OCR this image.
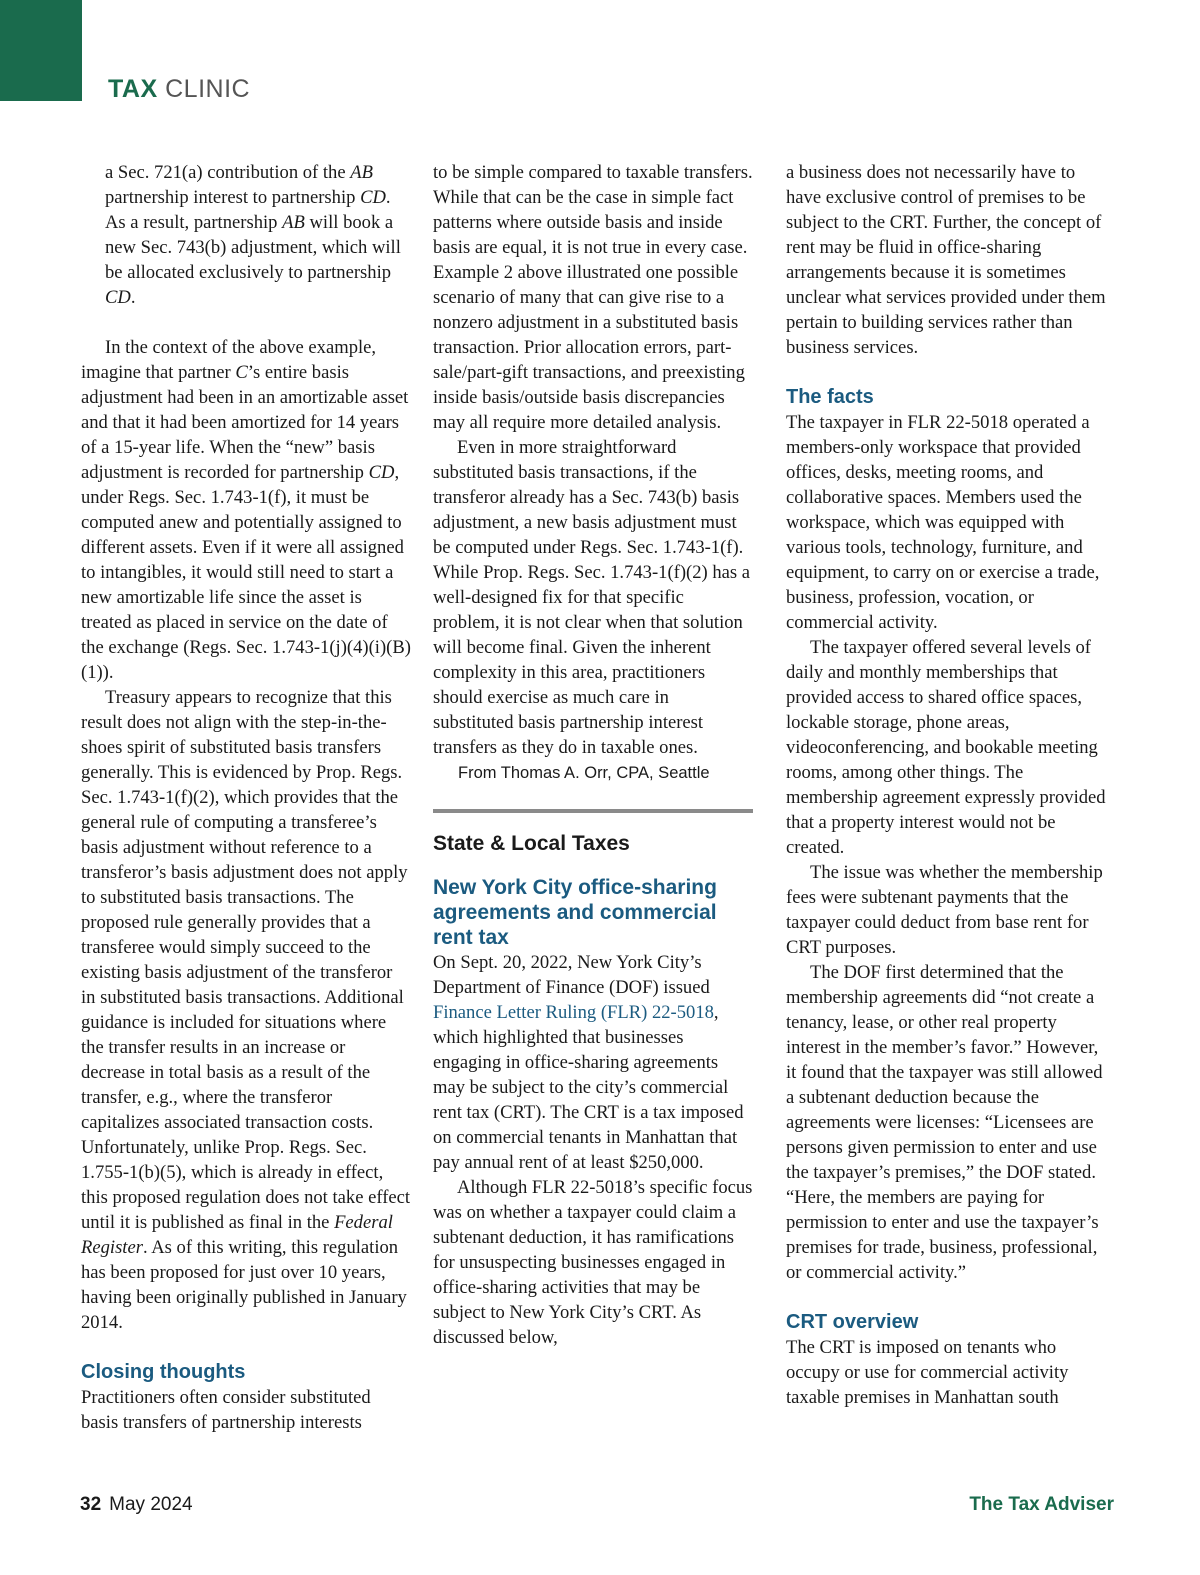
TAX CLINIC

a Sec. 721(a) contribution of the AB partnership interest to partnership CD. As a result, partnership AB will book a new Sec. 743(b) adjustment, which will be allocated exclusively to partnership CD.

In the context of the above example, imagine that partner C’s entire basis adjustment had been in an amortizable asset and that it had been amortized for 14 years of a 15-year life. When the “new” basis adjustment is recorded for partnership CD, under Regs. Sec. 1.743-1(f), it must be computed anew and potentially assigned to different assets. Even if it were all assigned to intangibles, it would still need to start a new amortizable life since the asset is treated as placed in service on the date of the exchange (Regs. Sec. 1.743-1(j)(4)(i)(B)(1)).

Treasury appears to recognize that this result does not align with the step-in-the-shoes spirit of substituted basis transfers generally. This is evidenced by Prop. Regs. Sec. 1.743-1(f)(2), which provides that the general rule of computing a transferee’s basis adjustment without reference to a transferor’s basis adjustment does not apply to substituted basis transactions. The proposed rule generally provides that a transferee would simply succeed to the existing basis adjustment of the transferor in substituted basis transactions. Additional guidance is included for situations where the transfer results in an increase or decrease in total basis as a result of the transfer, e.g., where the transferor capitalizes associated transaction costs. Unfortunately, unlike Prop. Regs. Sec. 1.755-1(b)(5), which is already in effect, this proposed regulation does not take effect until it is published as final in the Federal Register. As of this writing, this regulation has been proposed for just over 10 years, having been originally published in January 2014.

Closing thoughts

Practitioners often consider substituted basis transfers of partnership interests

to be simple compared to taxable transfers. While that can be the case in simple fact patterns where outside basis and inside basis are equal, it is not true in every case. Example 2 above illustrated one possible scenario of many that can give rise to a nonzero adjustment in a substituted basis transaction. Prior allocation errors, part-sale/part-gift transactions, and preexisting inside basis/outside basis discrepancies may all require more detailed analysis.

Even in more straightforward substituted basis transactions, if the transferor already has a Sec. 743(b) basis adjustment, a new basis adjustment must be computed under Regs. Sec. 1.743-1(f). While Prop. Regs. Sec. 1.743-1(f)(2) has a well-designed fix for that specific problem, it is not clear when that solution will become final. Given the inherent complexity in this area, practitioners should exercise as much care in substituted basis partnership interest transfers as they do in taxable ones.

From Thomas A. Orr, CPA, Seattle
State & Local Taxes
New York City office-sharing agreements and commercial rent tax

On Sept. 20, 2022, New York City’s Department of Finance (DOF) issued Finance Letter Ruling (FLR) 22-5018, which highlighted that businesses engaging in office-sharing agreements may be subject to the city’s commercial rent tax (CRT). The CRT is a tax imposed on commercial tenants in Manhattan that pay annual rent of at least $250,000.

Although FLR 22-5018’s specific focus was on whether a taxpayer could claim a subtenant deduction, it has ramifications for unsuspecting businesses engaged in office-sharing activities that may be subject to New York City’s CRT. As discussed below,

a business does not necessarily have to have exclusive control of premises to be subject to the CRT. Further, the concept of rent may be fluid in office-sharing arrangements because it is sometimes unclear what services provided under them pertain to building services rather than business services.

The facts

The taxpayer in FLR 22-5018 operated a members-only workspace that provided offices, desks, meeting rooms, and collaborative spaces. Members used the workspace, which was equipped with various tools, technology, furniture, and equipment, to carry on or exercise a trade, business, profession, vocation, or commercial activity.

The taxpayer offered several levels of daily and monthly memberships that provided access to shared office spaces, lockable storage, phone areas, videoconferencing, and bookable meeting rooms, among other things. The membership agreement expressly provided that a property interest would not be created.

The issue was whether the membership fees were subtenant payments that the taxpayer could deduct from base rent for CRT purposes.

The DOF first determined that the membership agreements did “not create a tenancy, lease, or other real property interest in the member’s favor.” However, it found that the taxpayer was still allowed a subtenant deduction because the agreements were licenses: “Licensees are persons given permission to enter and use the taxpayer’s premises,” the DOF stated. “Here, the members are paying for permission to enter and use the taxpayer’s premises for trade, business, professional, or commercial activity.”

CRT overview

The CRT is imposed on tenants who occupy or use for commercial activity taxable premises in Manhattan south

32 May 2024	The Tax Adviser
